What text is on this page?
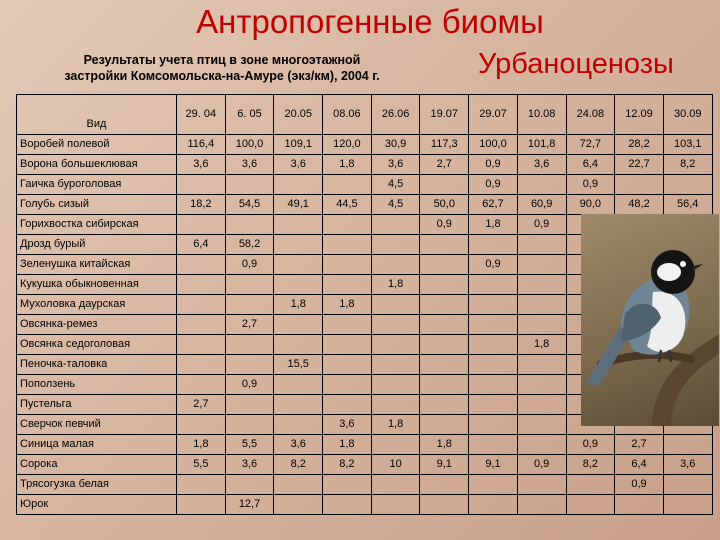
Антропогенные биомы
Результаты учета птиц в зоне многоэтажной
застройки Комсомольска-на-Амуре (экз/км), 2004 г.	Урбаноценозы
Вид	29. 04	6. 05	20.05	08.06	26.06	19.07	29.07	10.08	24.08	12.09	30.09
Воробей полевой	116,4	100,0	109,1	120,0	30,9	117,3	100,0	101,8	72,7	28,2	103,1
Ворона большеклювая	3,6	3,6	3,6	1,8	3,6	2,7	0,9	3,6	6,4	22,7	8,2
Гаичка буроголовая					4,5		0,9		0,9		
Голубь сизый	18,2	54,5	49,1	44,5	4,5	50,0	62,7	60,9	90,0	48,2	56,4
Горихвостка сибирская						0,9	1,8	0,9			
Дрозд бурый	6,4	58,2									
Зеленушка китайская		0,9					0,9				
Кукушка обыкновенная					1,8						
Мухоловка даурская			1,8	1,8							
Овсянка-ремез		2,7									
Овсянка седоголовая								1,8			
Пеночка-таловка			15,5								
Поползень		0,9									
Пустельга	2,7										
Сверчок певчий				3,6	1,8						
Синица малая	1,8	5,5	3,6	1,8		1,8			0,9	2,7	
Сорока	5,5	3,6	8,2	8,2	10	9,1	9,1	0,9	8,2	6,4	3,6
Трясогузка белая										0,9	
Юрок		12,7									
